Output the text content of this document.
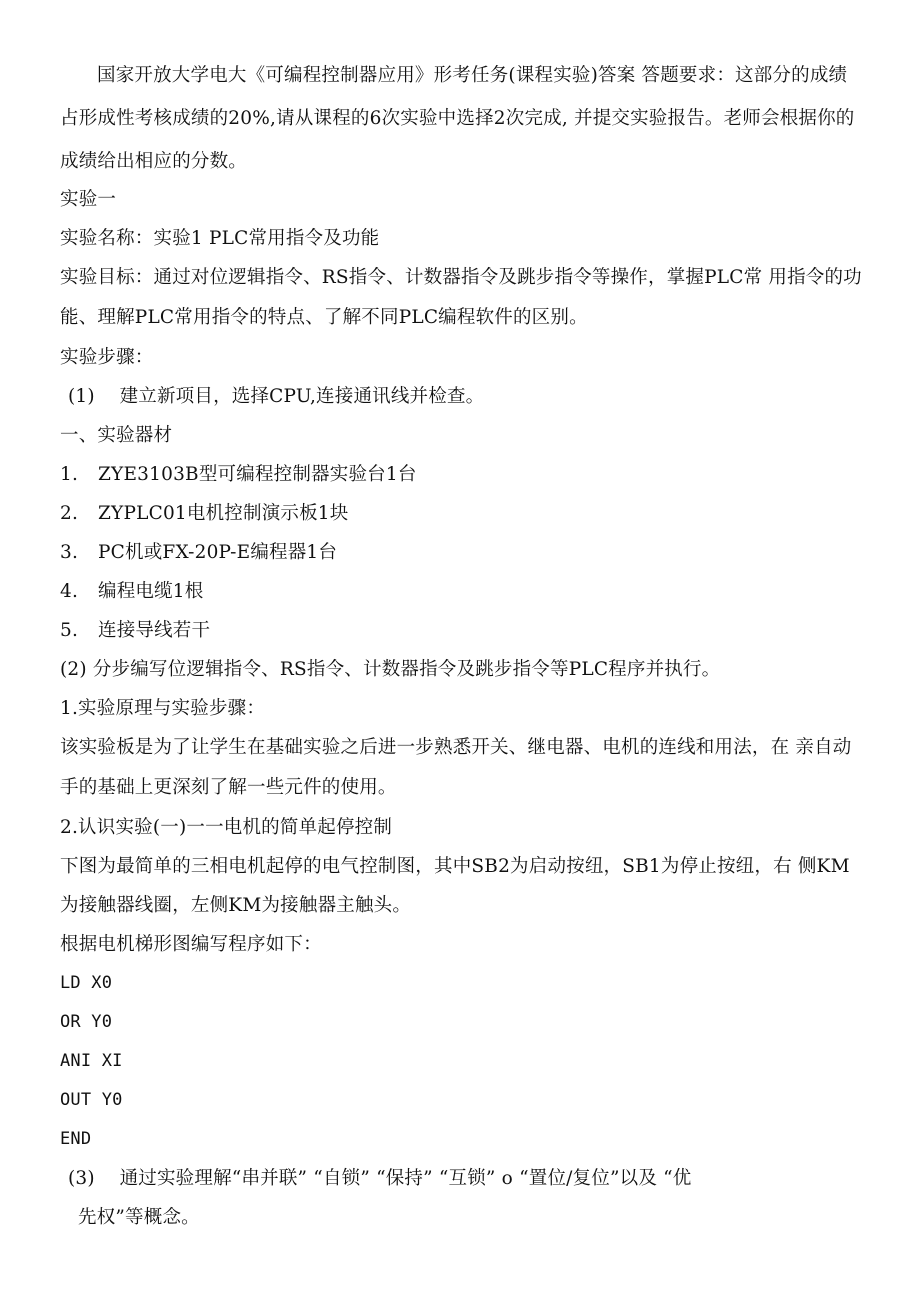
国家开放大学电大《可编程控制器应用》形考任务(课程实验)答案 答题要求：这部分的成绩占形成性考核成绩的20%,请从课程的6次实验中选择2次完成, 并提交实验报告。老师会根据你的成绩给出相应的分数。

实验一

实验名称：实验1 PLC常用指令及功能

实验目标：通过对位逻辑指令、RS指令、计数器指令及跳步指令等操作，掌握PLC常 用指令的功能、理解PLC常用指令的特点、了解不同PLC编程软件的区别。

实验步骤：

(1)　 建立新项目，选择CPU,连接通讯线并检查。

一、实验器材

1. ZYE3103B型可编程控制器实验台1台

2. ZYPLC01电机控制演示板1块

3. PC机或FX-20P-E编程器1台

4. 编程电缆1根

5. 连接导线若干

(2) 分步编写位逻辑指令、RS指令、计数器指令及跳步指令等PLC程序并执行。

1.实验原理与实验步骤：

该实验板是为了让学生在基础实验之后进一步熟悉开关、继电器、电机的连线和用法，在 亲自动手的基础上更深刻了解一些元件的使用。

2.认识实验(一)一一电机的简单起停控制

下图为最简单的三相电机起停的电气控制图，其中SB2为启动按纽，SB1为停止按纽，右 侧KM为接触器线圈，左侧KM为接触器主触头。

根据电机梯形图编写程序如下：

LD X0

OR Y0

ANI XI

OUT Y0

END

(3)　 通过实验理解“串并联” “自锁” “保持” “互锁” o “置位/复位”以及 “优

先权”等概念。
